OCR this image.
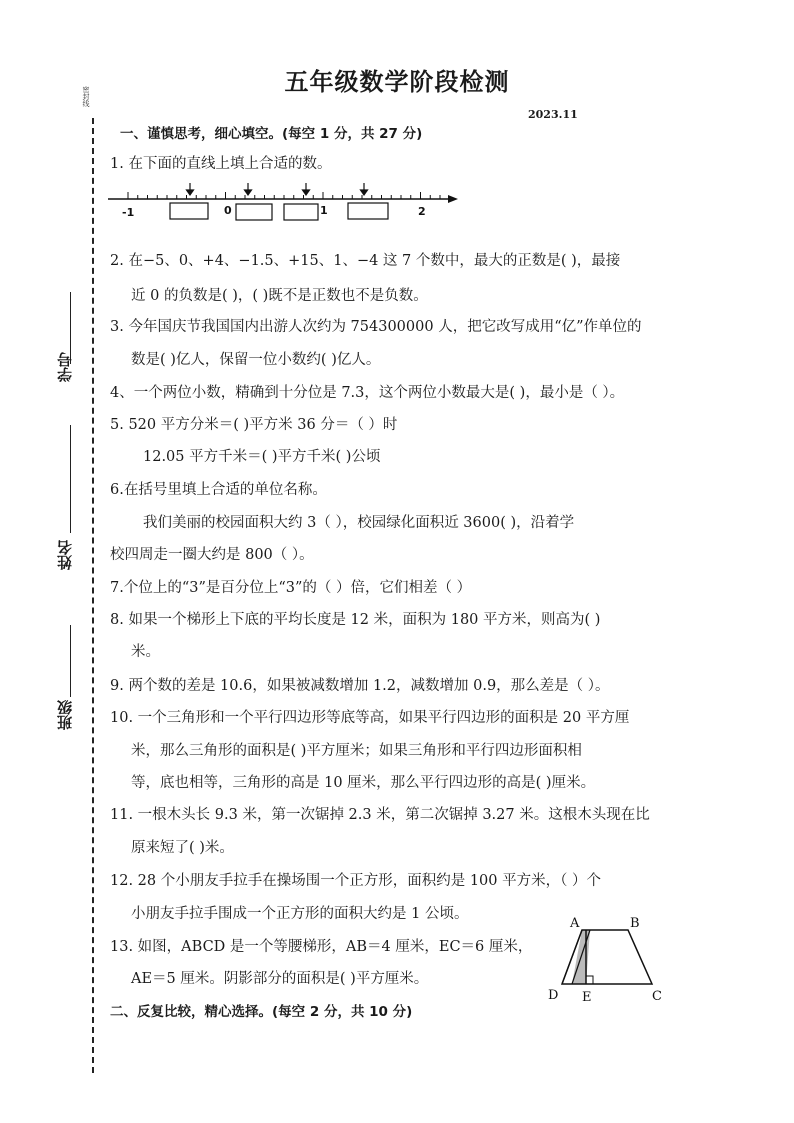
密封线
学号
姓名
班级
五年级数学阶段检测
2023.11
一、谨慎思考，细心填空。(每空 1 分，共 27 分)
1. 在下面的直线上填上合适的数。
-1	0	1	2
2. 在−5、0、+4、−1.5、+15、1、−4 这 7 个数中，最大的正数是( )，最接
近 0 的负数是( )，( )既不是正数也不是负数。
3. 今年国庆节我国国内出游人次约为 754300000 人，把它改写成用“亿”作单位的
数是( )亿人，保留一位小数约( )亿人。
4、一个两位小数，精确到十分位是 7.3，这个两位小数最大是( )，最小是（ ）。
5. 520 平方分米＝( )平方米 36 分＝（ ）时
12.05 平方千米＝( )平方千米( )公顷
6.在括号里填上合适的单位名称。
我们美丽的校园面积大约 3（ ），校园绿化面积近 3600( )，沿着学
校四周走一圈大约是 800（ ）。
7.个位上的“3”是百分位上“3”的（ ）倍，它们相差（ ）
8. 如果一个梯形上下底的平均长度是 12 米，面积为 180 平方米，则高为( )
米。
9. 两个数的差是 10.6，如果被减数增加 1.2，减数增加 0.9，那么差是（ ）。
10. 一个三角形和一个平行四边形等底等高，如果平行四边形的面积是 20 平方厘
米，那么三角形的面积是( )平方厘米；如果三角形和平行四边形面积相
等，底也相等，三角形的高是 10 厘米，那么平行四边形的高是( )厘米。
11. 一根木头长 9.3 米，第一次锯掉 2.3 米，第二次锯掉 3.27 米。这根木头现在比
原来短了( )米。
12. 28 个小朋友手拉手在操场围一个正方形，面积约是 100 平方米，（ ）个
小朋友手拉手围成一个正方形的面积大约是 1 公顷。
13. 如图，ABCD 是一个等腰梯形，AB＝4 厘米，EC＝6 厘米，
AE＝5 厘米。阴影部分的面积是( )平方厘米。
A	B
C
D E
二、反复比较，精心选择。(每空 2 分，共 10 分)
